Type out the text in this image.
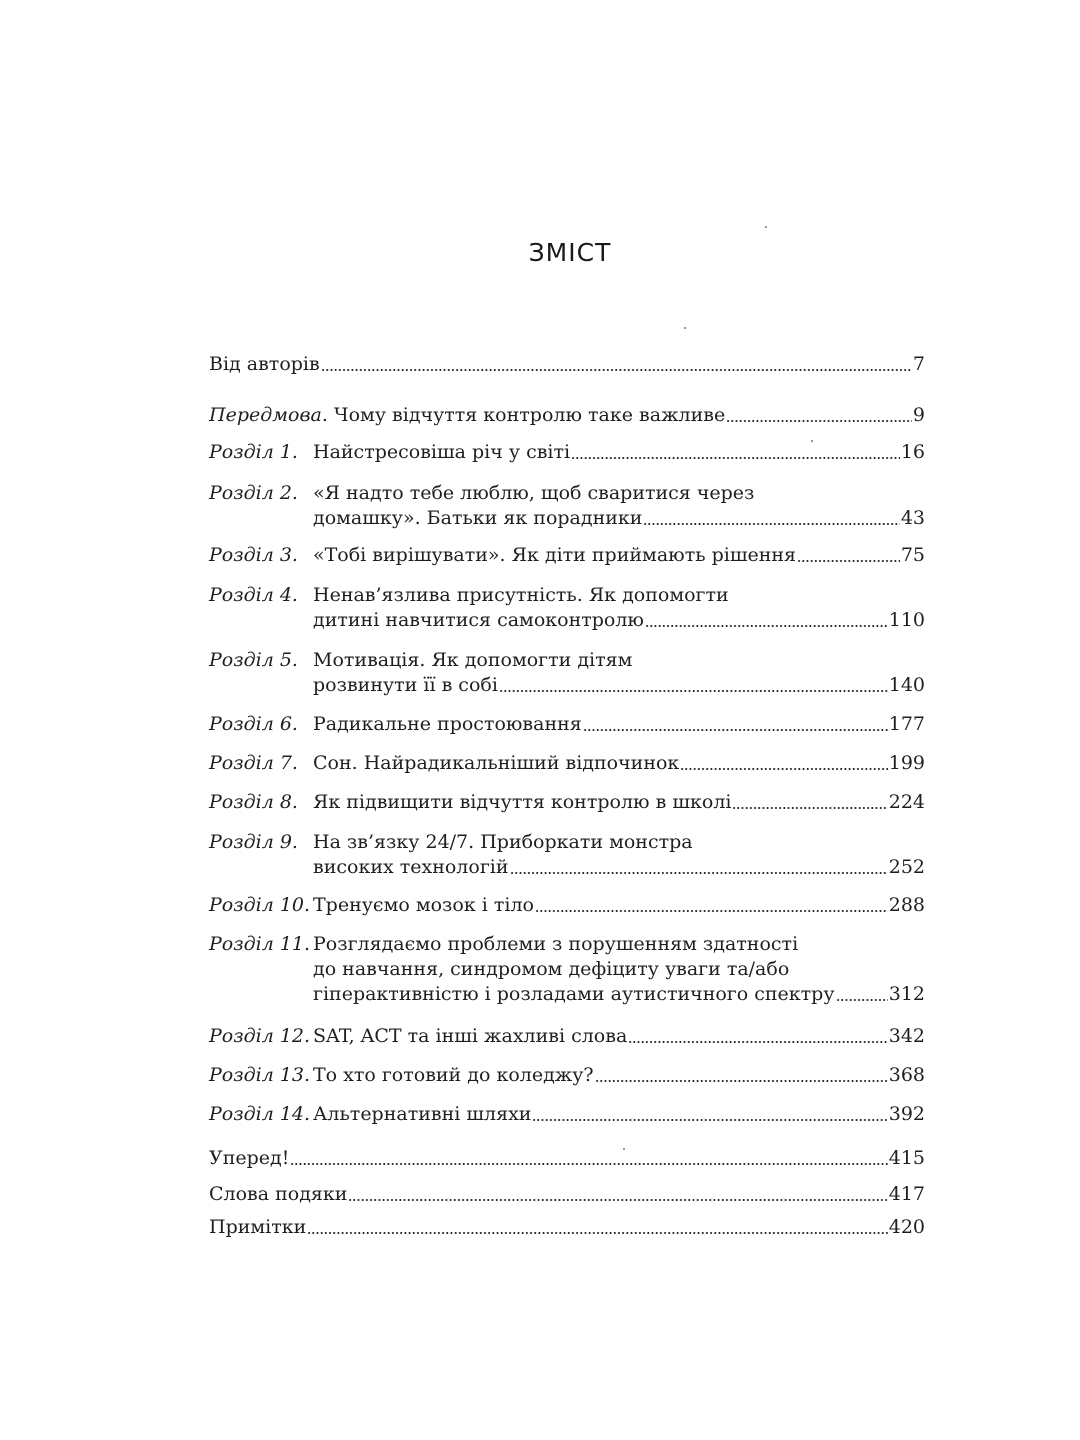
ЗМІСТ
Від авторів	7
Передмова. Чому відчуття контролю таке важливе	9
Розділ 1. Найстресовіша річ у світі	16
Розділ 2. «Я надто тебе люблю, щоб сваритися через
домашку». Батьки як порадники	43
Розділ 3. «Тобі вирішувати». Як діти приймають рішення	75
Розділ 4. Ненав’язлива присутність. Як допомогти
дитині навчитися самоконтролю	110
Розділ 5. Мотивація. Як допомогти дітям
розвинути її в собі	140
Розділ 6. Радикальне простоювання	177
Розділ 7. Сон. Найрадикальніший відпочинок	199
Розділ 8. Як підвищити відчуття контролю в школі	224
Розділ 9. На зв’язку 24/7. Приборкати монстра
високих технологій	252
Розділ 10. Тренуємо мозок і тіло	288
Розділ 11. Розглядаємо проблеми з порушенням здатності
до навчання, синдромом дефіциту уваги та/або
гіперактивністю і розладами аутистичного спектру	312
Розділ 12. SAT, ACT та інші жахливі слова	342
Розділ 13. То хто готовий до коледжу?	368
Розділ 14. Альтернативні шляхи	392
Уперед!	415
Слова подяки	417
Примітки	420
